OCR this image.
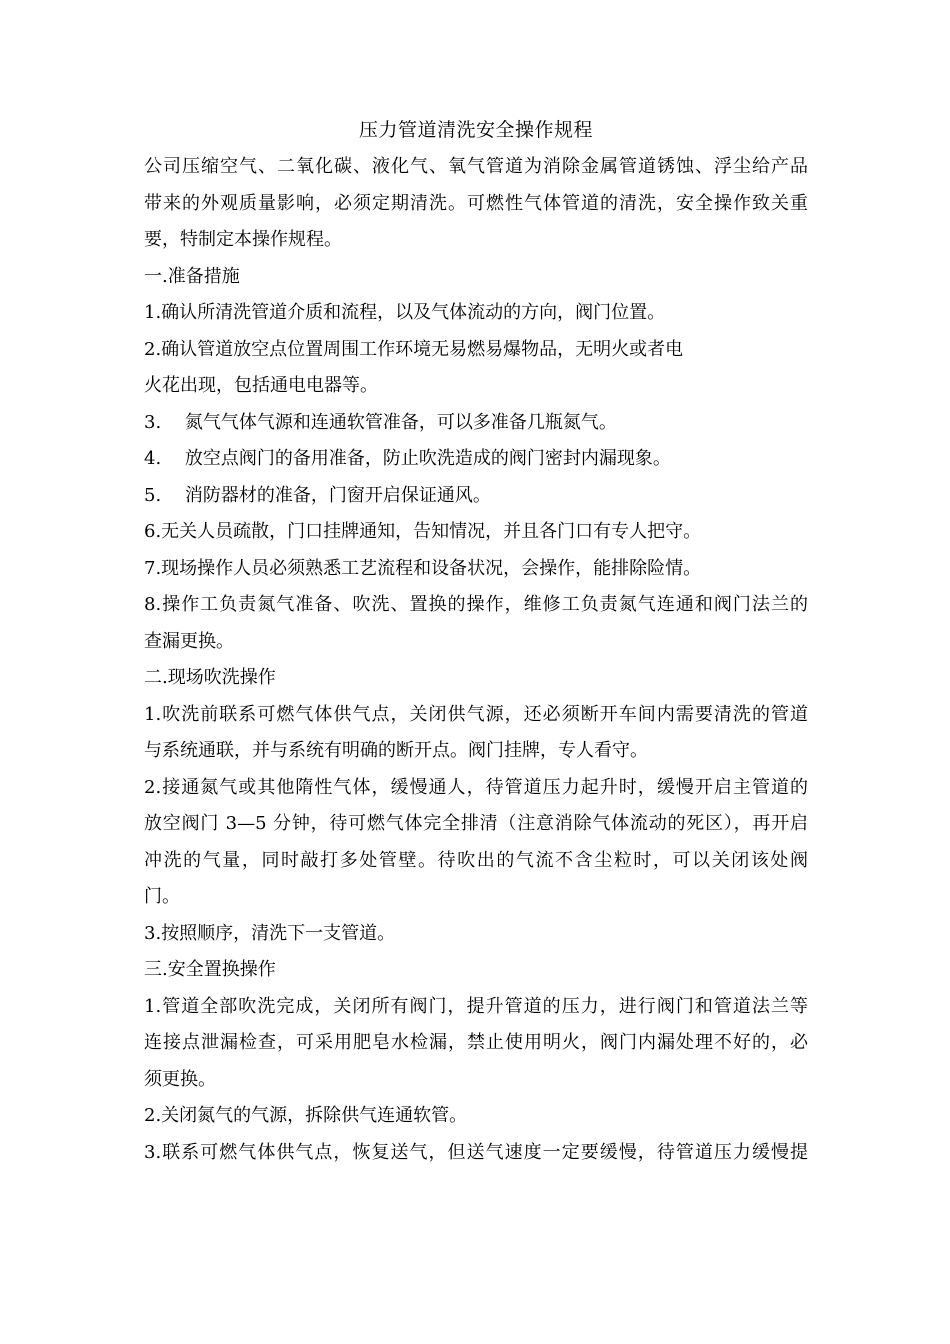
压力管道清洗安全操作规程
公司压缩空气、二氧化碳、液化气、氧气管道为消除金属管道锈蚀、浮尘给产品
带来的外观质量影响，必须定期清洗。可燃性气体管道的清洗，安全操作致关重
要，特制定本操作规程。
一.准备措施
1.确认所清洗管道介质和流程，以及气体流动的方向，阀门位置。
2.确认管道放空点位置周围工作环境无易燃易爆物品，无明火或者电
火花出现，包括通电电器等。
3.　 氮气气体气源和连通软管准备，可以多准备几瓶氮气。
4.　 放空点阀门的备用准备，防止吹洗造成的阀门密封内漏现象。
5.　 消防器材的准备，门窗开启保证通风。
6.无关人员疏散，门口挂牌通知，告知情况，并且各门口有专人把守。
7.现场操作人员必须熟悉工艺流程和设备状况，会操作，能排除险情。
8.操作工负责氮气准备、吹洗、置换的操作，维修工负责氮气连通和阀门法兰的
查漏更换。
二.现场吹洗操作
1.吹洗前联系可燃气体供气点，关闭供气源，还必须断开车间内需要清洗的管道
与系统通联，并与系统有明确的断开点。阀门挂牌，专人看守。
2.接通氮气或其他隋性气体，缓慢通人，待管道压力起升时，缓慢开启主管道的
放空阀门 3—5 分钟，待可燃气体完全排清（注意消除气体流动的死区），再开启
冲洗的气量，同时敲打多处管壁。待吹出的气流不含尘粒时，可以关闭该处阀
门。
3.按照顺序，清洗下一支管道。
三.安全置换操作
1.管道全部吹洗完成，关闭所有阀门，提升管道的压力，进行阀门和管道法兰等
连接点泄漏检查，可采用肥皂水检漏，禁止使用明火，阀门内漏处理不好的，必
须更换。
2.关闭氮气的气源，拆除供气连通软管。
3.联系可燃气体供气点，恢复送气，但送气速度一定要缓慢，待管道压力缓慢提
